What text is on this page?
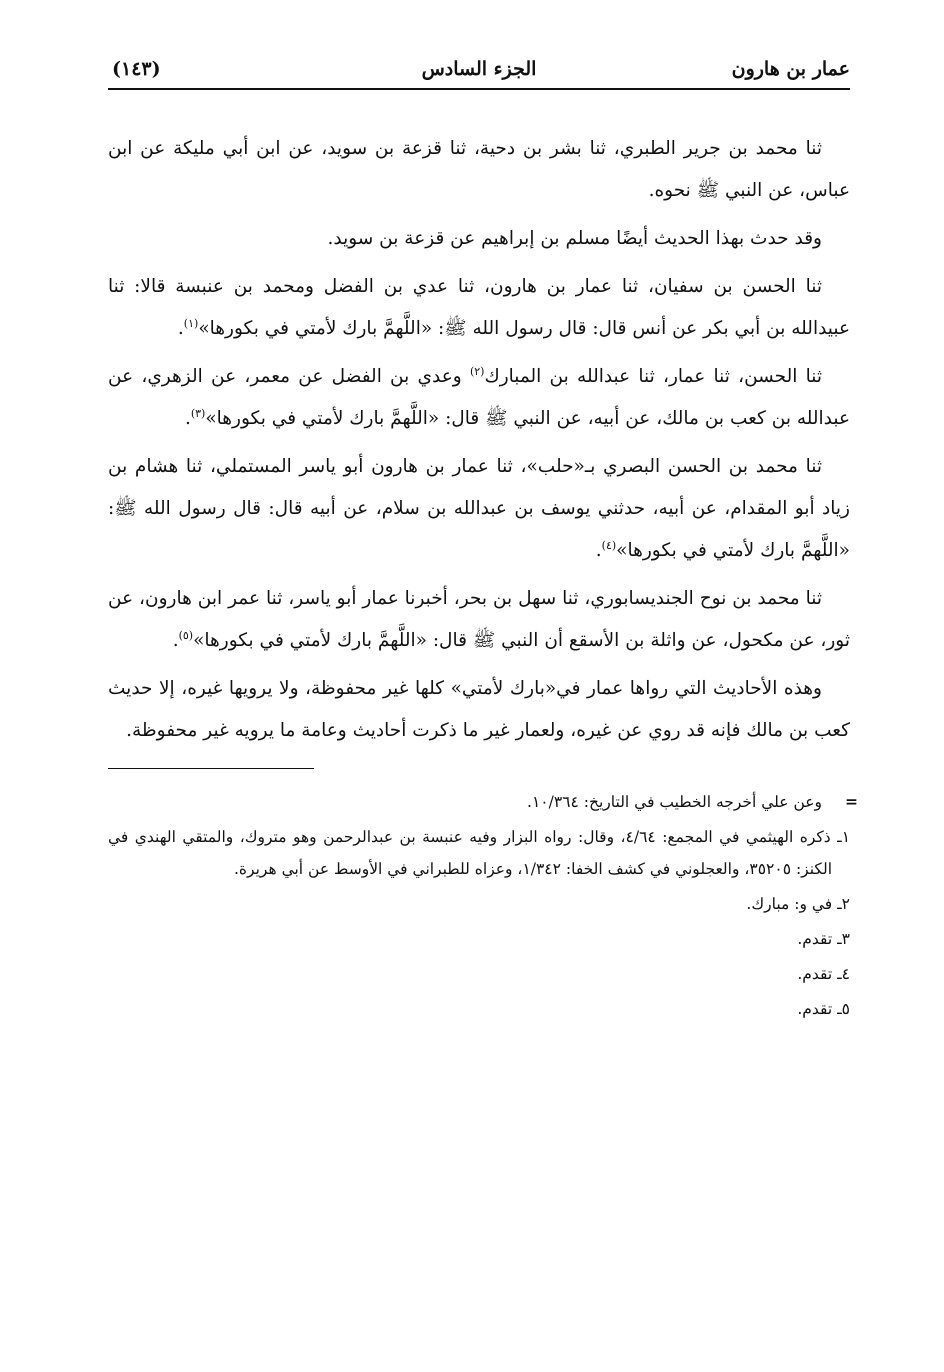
عمار بن هارون
الجزء السادس
(١٤٣)

ثنا محمد بن جرير الطبري، ثنا بشر بن دحية، ثنا قزعة بن سويد، عن ابن أبي مليكة عن ابن عباس، عن النبي ﷺ نحوه.

وقد حدث بهذا الحديث أيضًا مسلم بن إبراهيم عن قزعة بن سويد.

ثنا الحسن بن سفيان، ثنا عمار بن هارون، ثنا عدي بن الفضل ومحمد بن عنبسة قالا: ثنا عبيدالله بن أبي بكر عن أنس قال: قال رسول الله ﷺ: «اللَّهمَّ بارك لأمتي في بكورها»$^{(١)}$.

ثنا الحسن، ثنا عمار، ثنا عبدالله بن المبارك$^{(٢)}$ وعدي بن الفضل عن معمر، عن الزهري، عن عبدالله بن كعب بن مالك، عن أبيه، عن النبي ﷺ قال: «اللَّهمَّ بارك لأمتي في بكورها»$^{(٣)}$.

ثنا محمد بن الحسن البصري بـ«حلب»، ثنا عمار بن هارون أبو ياسر المستملي، ثنا هشام بن زياد أبو المقدام، عن أبيه، حدثني يوسف بن عبدالله بن سلام، عن أبيه قال: قال رسول الله ﷺ: «اللَّهمَّ بارك لأمتي في بكورها»$^{(٤)}$.

ثنا محمد بن نوح الجنديسابوري، ثنا سهل بن بحر، أخبرنا عمار أبو ياسر، ثنا عمر ابن هارون، عن ثور، عن مكحول، عن واثلة بن الأسقع أن النبي ﷺ قال: «اللَّهمَّ بارك لأمتي في بكورها»$^{(٥)}$.

وهذه الأحاديث التي رواها عمار في«بارك لأمتي» كلها غير محفوظة، ولا يرويها غيره، إلا حديث كعب بن مالك فإنه قد روي عن غيره، ولعمار غير ما ذكرت أحاديث وعامة ما يرويه غير محفوظة.

=
وعن علي أخرجه الخطيب في التاريخ: ١٠/٣٦٤.
١ـ ذكره الهيثمي في المجمع: ٤/٦٤، وقال: رواه البزار وفيه عنبسة بن عبدالرحمن وهو متروك، والمتقي الهندي في الكنز: ٣٥٢٠٥، والعجلوني في كشف الخفا: ١/٣٤٢، وعزاه للطبراني في الأوسط عن أبي هريرة.
٢ـ في و: مبارك.
٣ـ تقدم.
٤ـ تقدم.
٥ـ تقدم.
